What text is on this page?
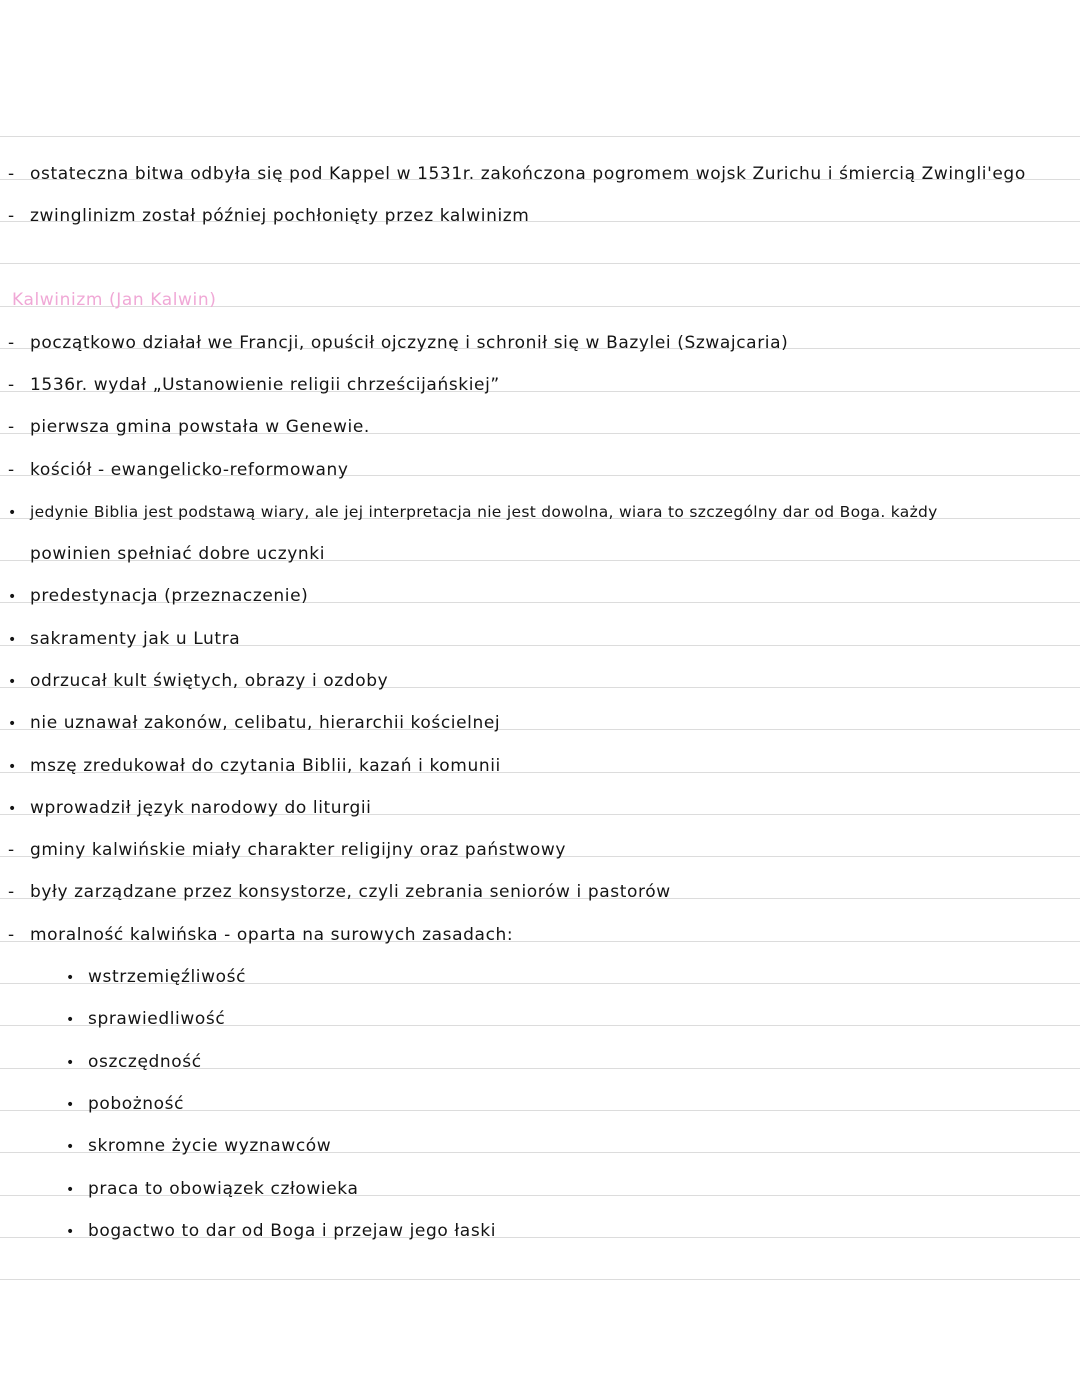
- ostateczna bitwa odbyła się pod Kappel w 1531r. zakończona pogromem wojsk Zurichu i śmiercią Zwingli'ego
- zwinglinizm został później pochłonięty przez kalwinizm
Kalwinizm (Jan Kalwin)
- początkowo działał we Francji, opuścił ojczyznę i schronił się w Bazylei (Szwajcaria)
- 1536r. wydał „Ustanowienie religii chrześcijańskiej”
- pierwsza gmina powstała w Genewie.
- kościół - ewangelicko-reformowany
• jedynie Biblia jest podstawą wiary, ale jej interpretacja nie jest dowolna, wiara to szczególny dar od Boga. każdy
powinien spełniać dobre uczynki
• predestynacja (przeznaczenie)
• sakramenty jak u Lutra
• odrzucał kult świętych, obrazy i ozdoby
• nie uznawał zakonów, celibatu, hierarchii kościelnej
• mszę zredukował do czytania Biblii, kazań i komunii
• wprowadził język narodowy do liturgii
- gminy kalwińskie miały charakter religijny oraz państwowy
- były zarządzane przez konsystorze, czyli zebrania seniorów i pastorów
- moralność kalwińska - oparta na surowych zasadach:
• wstrzemięźliwość
• sprawiedliwość
• oszczędność
• pobożność
• skromne życie wyznawców
• praca to obowiązek człowieka
• bogactwo to dar od Boga i przejaw jego łaski
